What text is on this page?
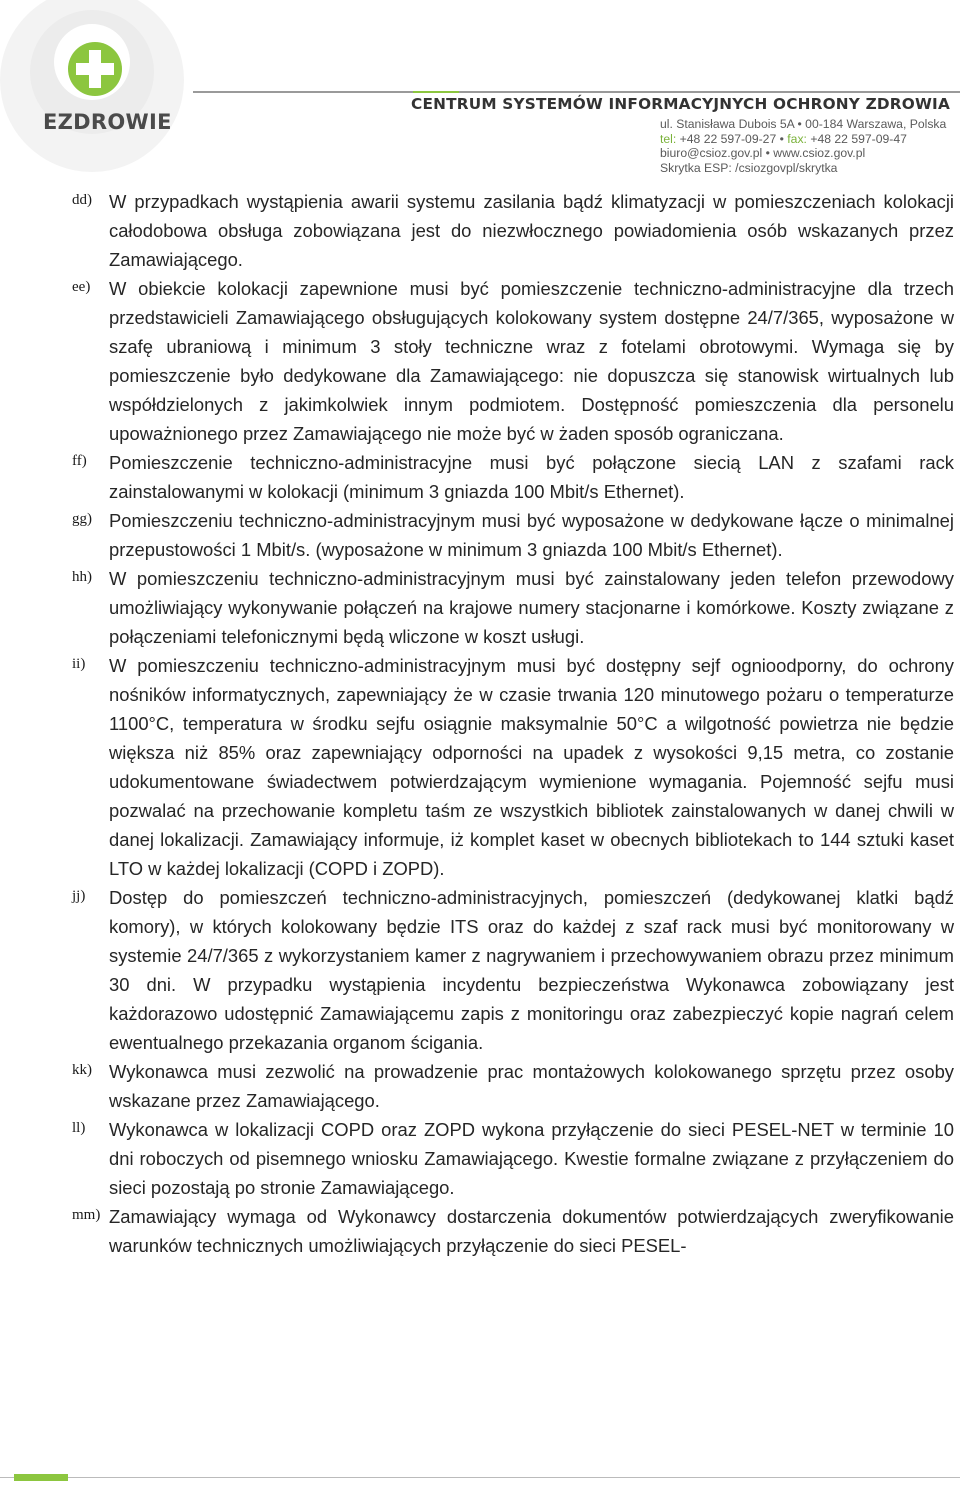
EZDROWIE
CENTRUM SYSTEMÓW INFORMACYJNYCH OCHRONY ZDROWIA
ul. Stanisława Dubois 5A • 00-184 Warszawa, Polska
tel: +48 22 597-09-27 • fax: +48 22 597-09-47
biuro@csioz.gov.pl • www.csioz.gov.pl
Skrytka ESP: /csiozgovpl/skrytka
dd) W przypadkach wystąpienia awarii systemu zasilania bądź klimatyzacji w pomieszczeniach kolokacji całodobowa obsługa zobowiązana jest do niezwłocznego powiadomienia osób wskazanych przez Zamawiającego.
ee) W obiekcie kolokacji zapewnione musi być pomieszczenie techniczno-administracyjne dla trzech przedstawicieli Zamawiającego obsługujących kolokowany system dostępne 24/7/365, wyposażone w szafę ubraniową i minimum 3 stoły techniczne wraz z fotelami obrotowymi. Wymaga się by pomieszczenie było dedykowane dla Zamawiającego: nie dopuszcza się stanowisk wirtualnych lub współdzielonych z jakimkolwiek innym podmiotem. Dostępność pomieszczenia dla personelu upoważnionego przez Zamawiającego nie może być w żaden sposób ograniczana.
ff) Pomieszczenie techniczno-administracyjne musi być połączone siecią LAN z szafami rack zainstalowanymi w kolokacji (minimum 3 gniazda 100 Mbit/s Ethernet).
gg) Pomieszczeniu techniczno-administracyjnym musi być wyposażone w dedykowane łącze o minimalnej przepustowości 1 Mbit/s. (wyposażone w minimum 3 gniazda 100 Mbit/s Ethernet).
hh) W pomieszczeniu techniczno-administracyjnym musi być zainstalowany jeden telefon przewodowy umożliwiający wykonywanie połączeń na krajowe numery stacjonarne i komórkowe. Koszty związane z połączeniami telefonicznymi będą wliczone w koszt usługi.
ii) W pomieszczeniu techniczno-administracyjnym musi być dostępny sejf ognioodporny, do ochrony nośników informatycznych, zapewniający że w czasie trwania 120 minutowego pożaru o temperaturze 1100°C, temperatura w środku sejfu osiągnie maksymalnie 50°C a wilgotność powietrza nie będzie większa niż 85% oraz zapewniający odporności na upadek z wysokości 9,15 metra, co zostanie udokumentowane świadectwem potwierdzającym wymienione wymagania. Pojemność sejfu musi pozwalać na przechowanie kompletu taśm ze wszystkich bibliotek zainstalowanych w danej chwili w danej lokalizacji. Zamawiający informuje, iż komplet kaset w obecnych bibliotekach to 144 sztuki kaset LTO w każdej lokalizacji (COPD i ZOPD).
jj) Dostęp do pomieszczeń techniczno-administracyjnych, pomieszczeń (dedykowanej klatki bądź komory), w których kolokowany będzie ITS oraz do każdej z szaf rack musi być monitorowany w systemie 24/7/365 z wykorzystaniem kamer z nagrywaniem i przechowywaniem obrazu przez minimum 30 dni. W przypadku wystąpienia incydentu bezpieczeństwa Wykonawca zobowiązany jest każdorazowo udostępnić Zamawiającemu zapis z monitoringu oraz zabezpieczyć kopie nagrań celem ewentualnego przekazania organom ścigania.
kk) Wykonawca musi zezwolić na prowadzenie prac montażowych kolokowanego sprzętu przez osoby wskazane przez Zamawiającego.
ll) Wykonawca w lokalizacji COPD oraz ZOPD wykona przyłączenie do sieci PESEL-NET w terminie 10 dni roboczych od pisemnego wniosku Zamawiającego. Kwestie formalne związane z przyłączeniem do sieci pozostają po stronie Zamawiającego.
mm) Zamawiający wymaga od Wykonawcy dostarczenia dokumentów potwierdzających zweryfikowanie warunków technicznych umożliwiających przyłączenie do sieci PESEL-
